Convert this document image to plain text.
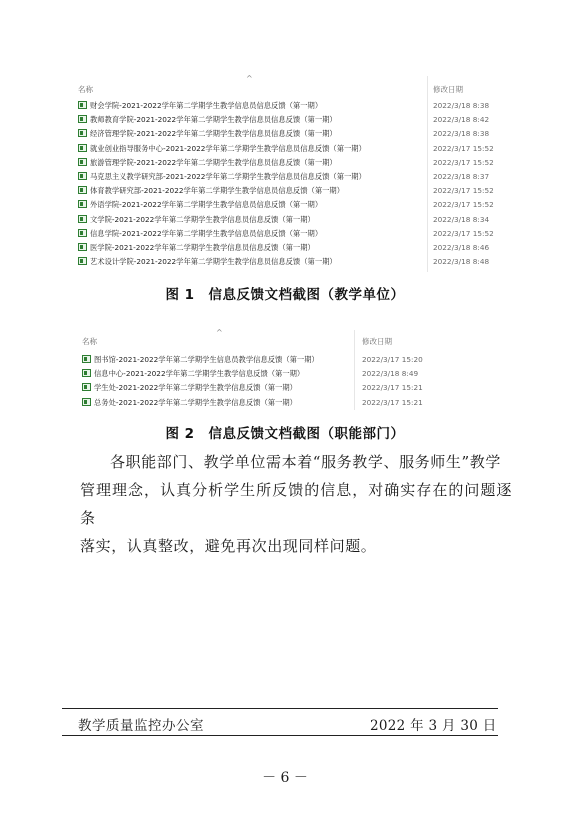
^
名称	修改日期
财会学院-2021-2022学年第二学期学生教学信息员信息反馈（第一期）	2022/3/18 8:38
教师教育学院-2021-2022学年第二学期学生教学信息员信息反馈（第一期）	2022/3/18 8:42
经济管理学院-2021-2022学年第二学期学生教学信息员信息反馈（第一期）	2022/3/18 8:38
就业创业指导服务中心-2021-2022学年第二学期学生教学信息员信息反馈（第一期）	2022/3/17 15:52
旅游管理学院-2021-2022学年第二学期学生教学信息员信息反馈（第一期）	2022/3/17 15:52
马克思主义教学研究部-2021-2022学年第二学期学生教学信息员信息反馈（第一期）	2022/3/18 8:37
体育教学研究部-2021-2022学年第二学期学生教学信息员信息反馈（第一期）	2022/3/17 15:52
外语学院-2021-2022学年第二学期学生教学信息员信息反馈（第一期）	2022/3/17 15:52
文学院-2021-2022学年第二学期学生教学信息员信息反馈（第一期）	2022/3/18 8:34
信息学院-2021-2022学年第二学期学生教学信息员信息反馈（第一期）	2022/3/17 15:52
医学院-2021-2022学年第二学期学生教学信息员信息反馈（第一期）	2022/3/18 8:46
艺术设计学院-2021-2022学年第二学期学生教学信息员信息反馈（第一期）	2022/3/18 8:48
图 1　信息反馈文档截图（教学单位）
^
名称	修改日期
图书馆-2021-2022学年第二学期学生信息员教学信息反馈（第一期）	2022/3/17 15:20
信息中心-2021-2022学年第二学期学生教学信息反馈（第一期）	2022/3/18 8:49
学生处-2021-2022学年第二学期学生教学信息反馈（第一期）	2022/3/17 15:21
总务处-2021-2022学年第二学期学生教学信息反馈（第一期）	2022/3/17 15:21
图 2　信息反馈文档截图（职能部门）
各职能部门、教学单位需本着“服务教学、服务师生”教学
管理理念，认真分析学生所反馈的信息，对确实存在的问题逐条
落实，认真整改，避免再次出现同样问题。
教学质量监控办公室	2022 年 3 月 30 日
－ 6 －
